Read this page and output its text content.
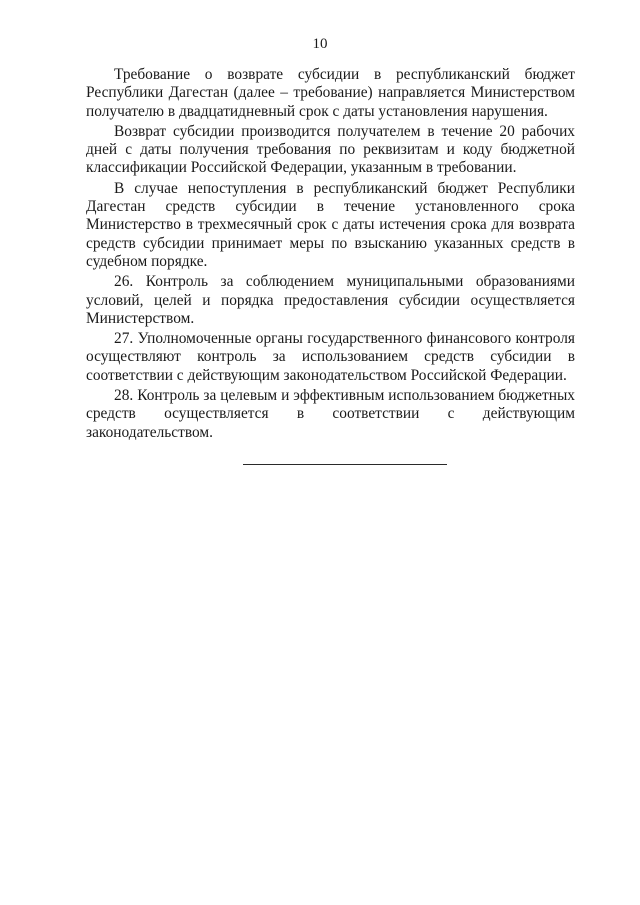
10

Требование о возврате субсидии в республиканский бюджет Республики Дагестан (далее – требование) направляется Министерством получателю в двадцатидневный срок с даты установления нарушения.

Возврат субсидии производится получателем в течение 20 рабочих дней с даты получения требования по реквизитам и коду бюджетной классификации Российской Федерации, указанным в требовании.

В случае непоступления в республиканский бюджет Республики Дагестан средств субсидии в течение установленного срока Министерство в трехмесячный срок с даты истечения срока для возврата средств субсидии принимает меры по взысканию указанных средств в судебном порядке.

26. Контроль за соблюдением муниципальными образованиями условий, целей и порядка предоставления субсидии осуществляется Министерством.

27. Уполномоченные органы государственного финансового контроля осуществляют контроль за использованием средств субсидии в соответствии с действующим законодательством Российской Федерации.

28. Контроль за целевым и эффективным использованием бюджетных средств осуществляется в соответствии с действующим законодательством.
